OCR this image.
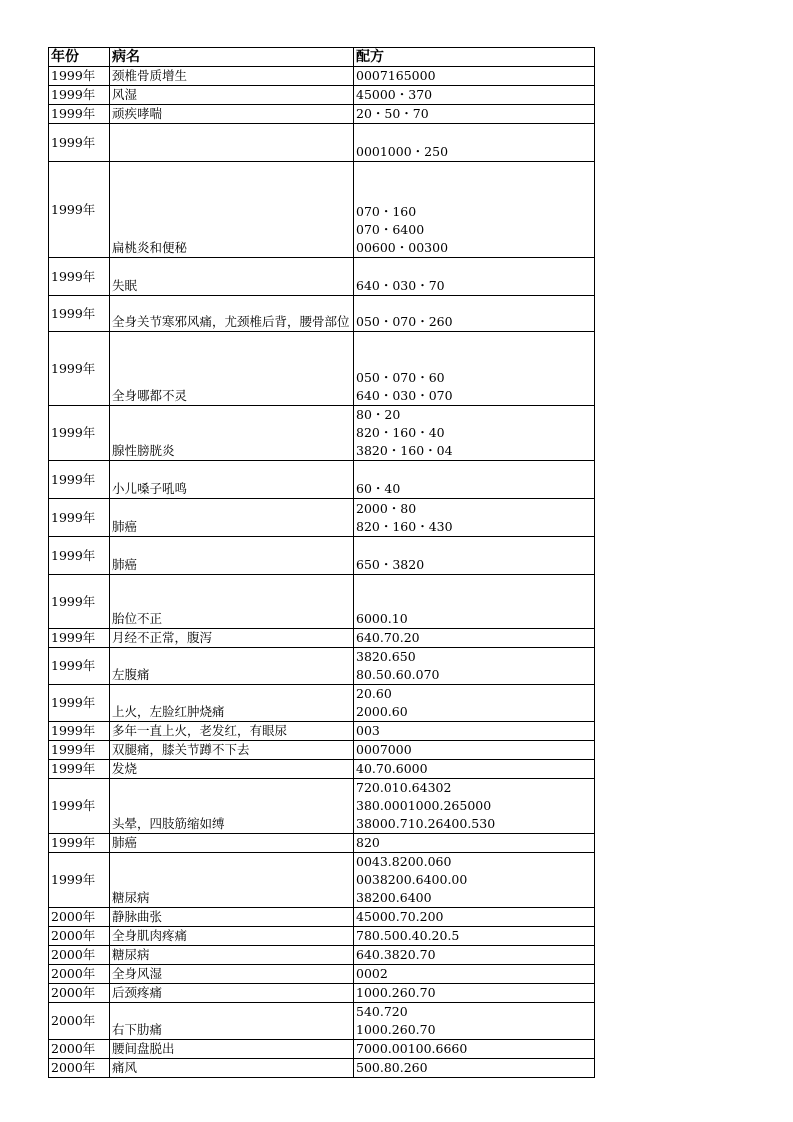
年份	病名	配方
1999年	颈椎骨质增生	0007165000

1999年	风湿	45000・370

1999年	顽疾哮喘	20・50・70

1999年		0001000・250

1999年	扁桃炎和便秘	070・160
070・6400
00600・00300

1999年	失眠	640・030・70

1999年	全身关节寒邪风痛，尤颈椎后背，腰骨部位	050・070・260

1999年	全身哪都不灵	050・070・60
640・030・070

1999年	腺性膀胱炎	80・20
820・160・40
3820・160・04

1999年	小儿嗓子吼鸣	60・40

1999年	肺癌	2000・80
820・160・430

1999年	肺癌	650・3820

1999年	胎位不正	6000.10

1999年	月经不正常，腹泻	640.70.20

1999年	左腹痛	3820.650
80.50.60.070

1999年	上火，左脸红肿烧痛	20.60
2000.60

1999年	多年一直上火，老发红，有眼尿	003

1999年	双腿痛，膝关节蹲不下去	0007000

1999年	发烧	40.70.6000

1999年	头晕，四肢筋缩如缚	720.010.64302
380.0001000.265000
38000.710.26400.530

1999年	肺癌	820

1999年	糖尿病	0043.8200.060
0038200.6400.00
38200.6400

2000年	静脉曲张	45000.70.200

2000年	全身肌肉疼痛	780.500.40.20.5

2000年	糖尿病	640.3820.70

2000年	全身风湿	0002

2000年	后颈疼痛	1000.260.70

2000年	右下肋痛	540.720
1000.260.70

2000年	腰间盘脱出	7000.00100.6660

2000年	痛风	500.80.260
